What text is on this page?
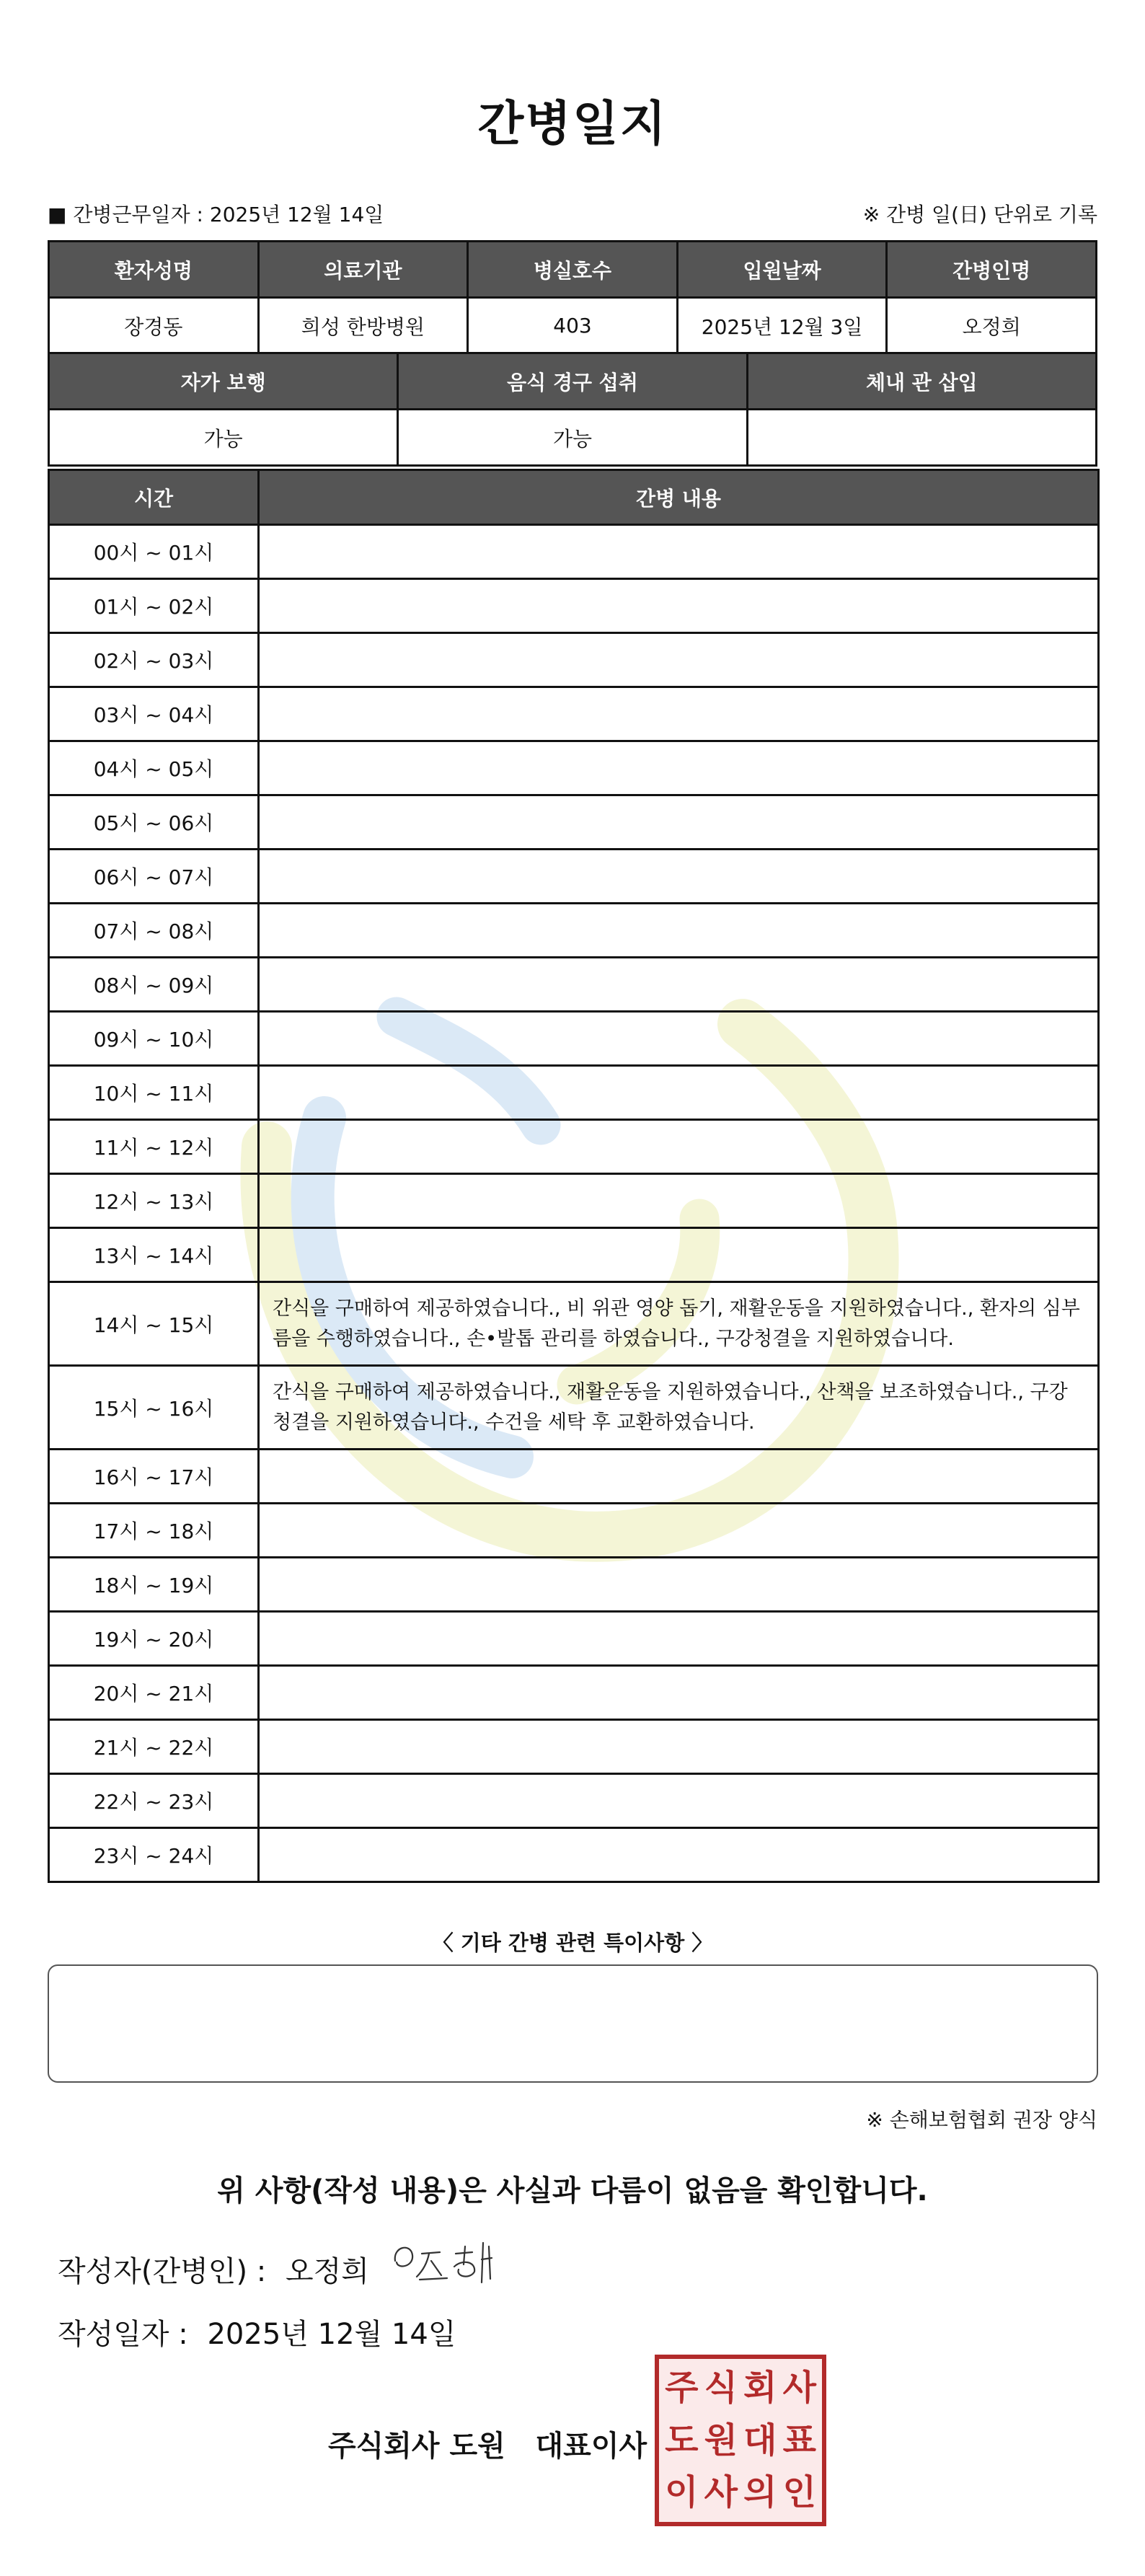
간병일지
■ 간병근무일자 : 2025년 12월 14일	※ 간병 일(日) 단위로 기록
환자성명	의료기관	병실호수	입원날짜	간병인명
장경동	희성 한방병원	403	2025년 12월 3일	오정희
자가 보행	음식 경구 섭취	체내 관 삽입
가능	가능	
시간	간병 내용
00시 ~ 01시	
01시 ~ 02시	
02시 ~ 03시	
03시 ~ 04시	
04시 ~ 05시	
05시 ~ 06시	
06시 ~ 07시	
07시 ~ 08시	
08시 ~ 09시	
09시 ~ 10시	
10시 ~ 11시	
11시 ~ 12시	
12시 ~ 13시	
13시 ~ 14시	
14시 ~ 15시	간식을 구매하여 제공하였습니다., 비 위관 영양 돕기, 재활운동을 지원하였습니다., 환자의 심부름을 수행하였습니다., 손•발톱 관리를 하였습니다., 구강청결을 지원하였습니다.
15시 ~ 16시	간식을 구매하여 제공하였습니다., 재활운동을 지원하였습니다., 산책을 보조하였습니다., 구강청결을 지원하였습니다., 수건을 세탁 후 교환하였습니다.
16시 ~ 17시	
17시 ~ 18시	
18시 ~ 19시	
19시 ~ 20시	
20시 ~ 21시	
21시 ~ 22시	
22시 ~ 23시	
23시 ~ 24시	
〈 기타 간병 관련 특이사항 〉
※ 손해보험협회 권장 양식
위 사항(작성 내용)은 사실과 다름이 없음을 확인합니다.
작성자(간병인) : 오정희
작성일자 : 2025년 12월 14일
주식회사 도원   대표이사
주 식 회 사
도 원 대 표
이 사 의 인
